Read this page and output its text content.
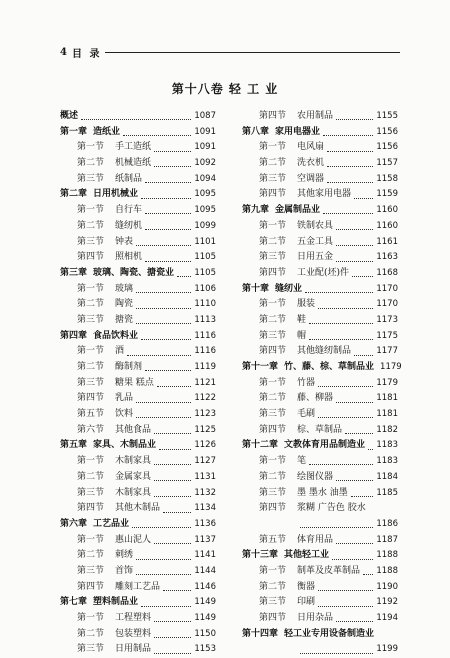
4 目 录
第十八卷 轻 工 业
概述	1087
第一章 造纸业	1091
第一节	手工造纸	1091
第二节	机械造纸	1092
第三节	纸制品	1094
第二章 日用机械业	1095
第一节	自行车	1095
第二节	缝纫机	1099
第三节	钟表	1101
第四节	照相机	1105
第三章 玻璃、陶瓷、搪瓷业 1105
第一节	玻璃	1106
第二节	陶瓷	1110
第三节	搪瓷	1113
第四章 食品饮料业	1116
第一节	酒	1116
第二节	酶制剂	1119
第三节	糖果 糕点	1121
第四节	乳品	1122
第五节	饮料	1123
第六节	其他食品	1125
第五章 家具、木制品业	1126
第一节	木制家具	1127
第二节	金属家具	1131
第三节	木制家具	1132
第四节	其他木制品	1134
第六章 工艺品业	1136
第一节	惠山泥人	1137
第二节	刺绣	1141
第三节	首饰	1144
第四节	雕刻工艺品	1146
第七章 塑料制品业	1149
第一节	工程塑料	1149
第二节	包装塑料	1150
第三节	日用制品	1153
第四节	农用制品	1155
第八章 家用电器业	1156
第一节	电风扇	1156
第二节	洗衣机	1157
第三节	空调器	1158
第四节	其他家用电器	1159
第九章 金属制品业	1160
第一节	铁制农具	1160
第二节	五金工具	1161
第三节	日用五金	1163
第四节	工业配(坯)件	1168
第十章 缝纫业	1170
第一节	服装	1170
第二节	鞋	1173
第三节	帽	1175
第四节	其他缝纫制品	1177
第十一章 竹、藤、棕、草制品业 1179
第一节	竹器	1179
第二节	藤、柳器	1181
第三节	毛刷	1181
第四节	棕、草制品	1182
第十二章 文教体育用品制造业 1183
第一节	笔	1183
第二节	绘图仪器	1184
第三节	墨 墨水 油墨	1185
第四节	浆糊 广告色 胶水
1186
第五节	体育用品	1187
第十三章 其他轻工业	1188
第一节	制革及皮革制品 1188
第二节	衡器	1190
第三节	印刷	1192
第四节	日用杂品	1194
第十四章 轻工业专用设备制造业
1199
